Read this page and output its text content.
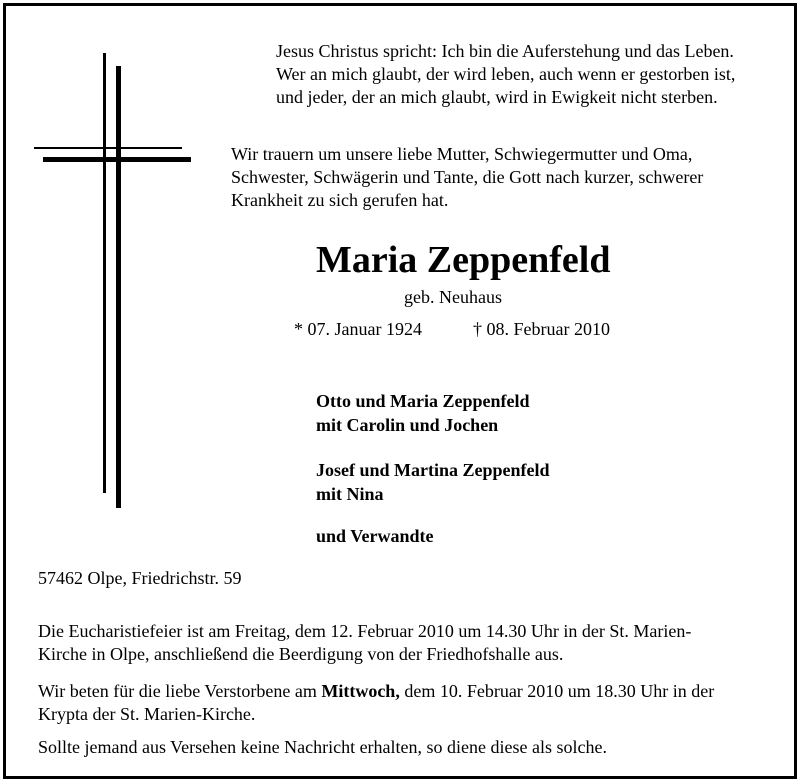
Jesus Christus spricht: Ich bin die Auferstehung und das Leben.
Wer an mich glaubt, der wird leben, auch wenn er gestorben ist,
und jeder, der an mich glaubt, wird in Ewigkeit nicht sterben.
Wir trauern um unsere liebe Mutter, Schwiegermutter und Oma,
Schwester, Schwägerin und Tante, die Gott nach kurzer, schwerer
Krankheit zu sich gerufen hat.
Maria Zeppenfeld
geb. Neuhaus
* 07. Januar 1924	† 08. Februar 2010
Otto und Maria Zeppenfeld
mit Carolin und Jochen
Josef und Martina Zeppenfeld
mit Nina
und Verwandte
57462 Olpe, Friedrichstr. 59
Die Eucharistiefeier ist am Freitag, dem 12. Februar 2010 um 14.30 Uhr in der St. Marien-
Kirche in Olpe, anschließend die Beerdigung von der Friedhofshalle aus.
Wir beten für die liebe Verstorbene am Mittwoch, dem 10. Februar 2010 um 18.30 Uhr in der
Krypta der St. Marien-Kirche.
Sollte jemand aus Versehen keine Nachricht erhalten, so diene diese als solche.
